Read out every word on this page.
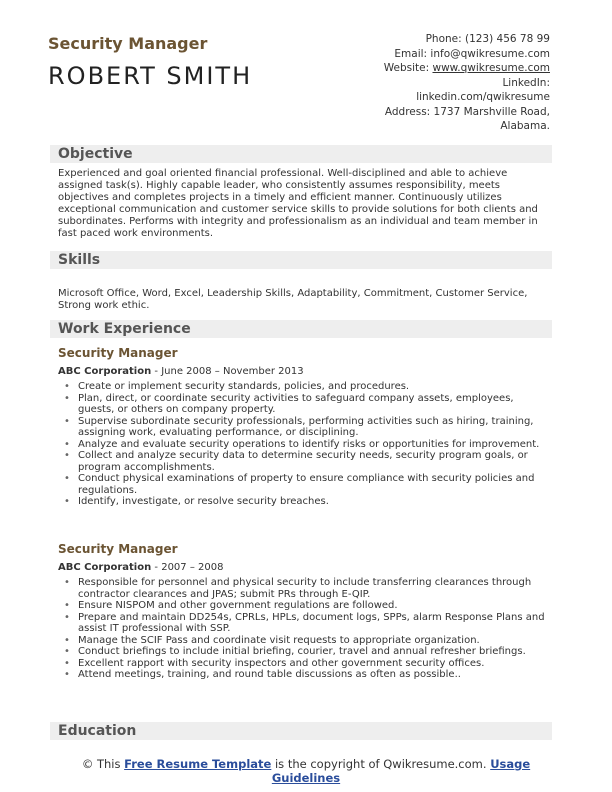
Security Manager
ROBERT SMITH
Phone: (123) 456 78 99
Email: info@qwikresume.com
Website: www.qwikresume.com
LinkedIn:
linkedin.com/qwikresume
Address: 1737 Marshville Road,
Alabama.
Objective

Experienced and goal oriented financial professional. Well-disciplined and able to achieve assigned task(s). Highly capable leader, who consistently assumes responsibility, meets objectives and completes projects in a timely and efficient manner. Continuously utilizes exceptional communication and customer service skills to provide solutions for both clients and subordinates. Performs with integrity and professionalism as an individual and team member in fast paced work environments.

Skills

Microsoft Office, Word, Excel, Leadership Skills, Adaptability, Commitment, Customer Service, Strong work ethic.

Work Experience
Security Manager

ABC Corporation - June 2008 – November 2013

• Create or implement security standards, policies, and procedures.
• Plan, direct, or coordinate security activities to safeguard company assets, employees, guests, or others on company property.
• Supervise subordinate security professionals, performing activities such as hiring, training, assigning work, evaluating performance, or disciplining.
• Analyze and evaluate security operations to identify risks or opportunities for improvement.
• Collect and analyze security data to determine security needs, security program goals, or program accomplishments.
• Conduct physical examinations of property to ensure compliance with security policies and regulations.
• Identify, investigate, or resolve security breaches.
Security Manager

ABC Corporation - 2007 – 2008

• Responsible for personnel and physical security to include transferring clearances through contractor clearances and JPAS; submit PRs through E-QIP.
• Ensure NISPOM and other government regulations are followed.
• Prepare and maintain DD254s, CPRLs, HPLs, document logs, SPPs, alarm Response Plans and assist IT professional with SSP.
• Manage the SCIF Pass and coordinate visit requests to appropriate organization.
• Conduct briefings to include initial briefing, courier, travel and annual refresher briefings.
• Excellent rapport with security inspectors and other government security offices.
• Attend meetings, training, and round table discussions as often as possible..
Education
© This Free Resume Template is the copyright of Qwikresume.com. Usage Guidelines
